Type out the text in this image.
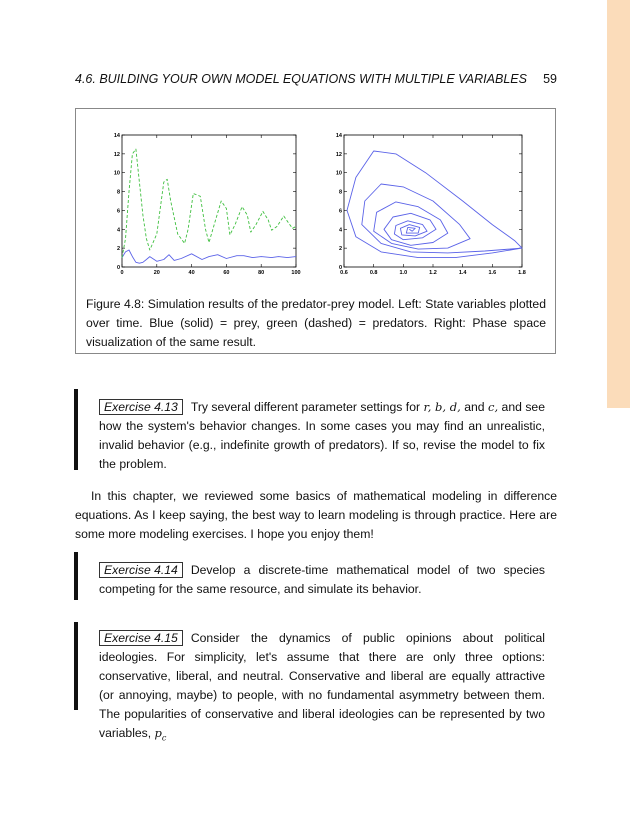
4.6. BUILDING YOUR OWN MODEL EQUATIONS WITH MULTIPLE VARIABLES 59
0
2
4
6
8
10
12
14
0	20	40	60	80	100
0
2
4
6
8
10
12
14
0.6	0.8	1.0	1.2	1.4	1.6	1.8
Figure 4.8: Simulation results of the predator-prey model. Left: State variables plotted over time. Blue (solid) = prey, green (dashed) = predators. Right: Phase space visualization of the same result.
Exercise 4.13 Try several different parameter settings for r, b, d, and c, and see how the system's behavior changes. In some cases you may find an unrealistic, invalid behavior (e.g., indefinite growth of predators). If so, revise the model to fix the problem.
In this chapter, we reviewed some basics of mathematical modeling in difference equations. As I keep saying, the best way to learn modeling is through practice. Here are some more modeling exercises. I hope you enjoy them!
Exercise 4.14 Develop a discrete-time mathematical model of two species competing for the same resource, and simulate its behavior.
Exercise 4.15 Consider the dynamics of public opinions about political ideologies. For simplicity, let's assume that there are only three options: conservative, liberal, and neutral. Conservative and liberal are equally attractive (or annoying, maybe) to people, with no fundamental asymmetry between them. The popularities of conservative and liberal ideologies can be represented by two variables, $p_c$
